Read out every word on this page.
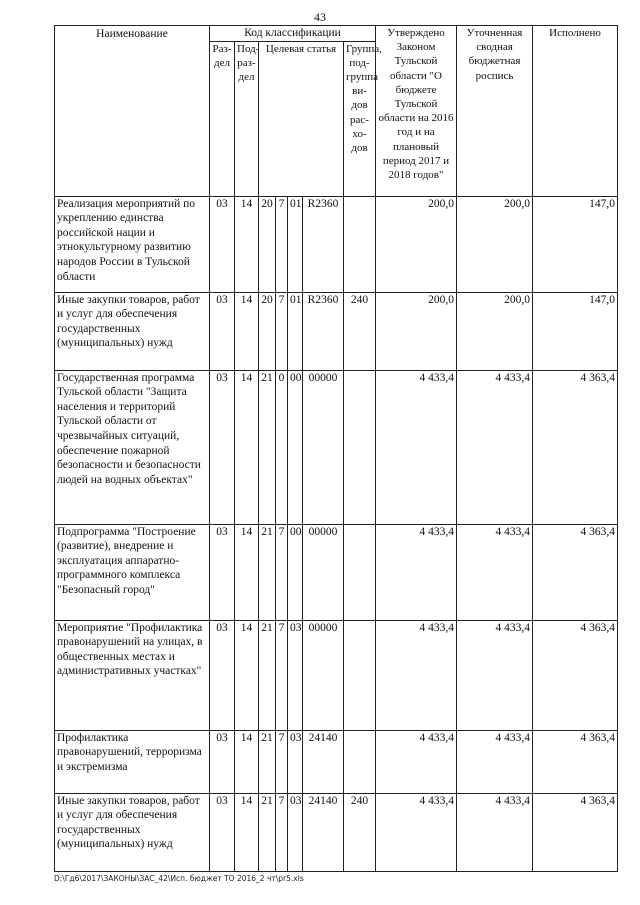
43
Наименование	Код классификации							Утверждено Законом Тульской области "О бюджете Тульской области на 2016 год и на плановый период 2017 и 2018 годов"	Уточненная сводная бюджетная роспись	Исполнено
	Раз-дел	Под-раз-дел	Целевая статья				Группа, под-группа ви-дов рас-хо-дов			
Реализация мероприятий по укреплению единства российской нации и этнокультурному развитию народов России в Тульской области	03	14	20	7	01	R2360		200,0	200,0	147,0
Иные закупки товаров, работ и услуг для обеспечения государственных (муниципальных) нужд	03	14	20	7	01	R2360	240	200,0	200,0	147,0
Государственная программа Тульской области "Защита населения и территорий Тульской области от чрезвычайных ситуаций, обеспечение пожарной безопасности и безопасности людей на водных объектах"	03	14	21	0	00	00000		4 433,4	4 433,4	4 363,4
Подпрограмма "Построение (развитие), внедрение и эксплуатация аппаратно-программного комплекса "Безопасный город"	03	14	21	7	00	00000		4 433,4	4 433,4	4 363,4
Мероприятие "Профилактика правонарушений на улицах, в общественных местах и административных участках"	03	14	21	7	03	00000		4 433,4	4 433,4	4 363,4
Профилактика правонарушений, терроризма и экстремизма	03	14	21	7	03	24140		4 433,4	4 433,4	4 363,4
Иные закупки товаров, работ и услуг для обеспечения государственных (муниципальных) нужд	03	14	21	7	03	24140	240	4 433,4	4 433,4	4 363,4
D:\Гд6\2017\ЗАКОНЫ\ЗАС_42\Исп. бюджет ТО 2016_2 чт\pr5.xls
